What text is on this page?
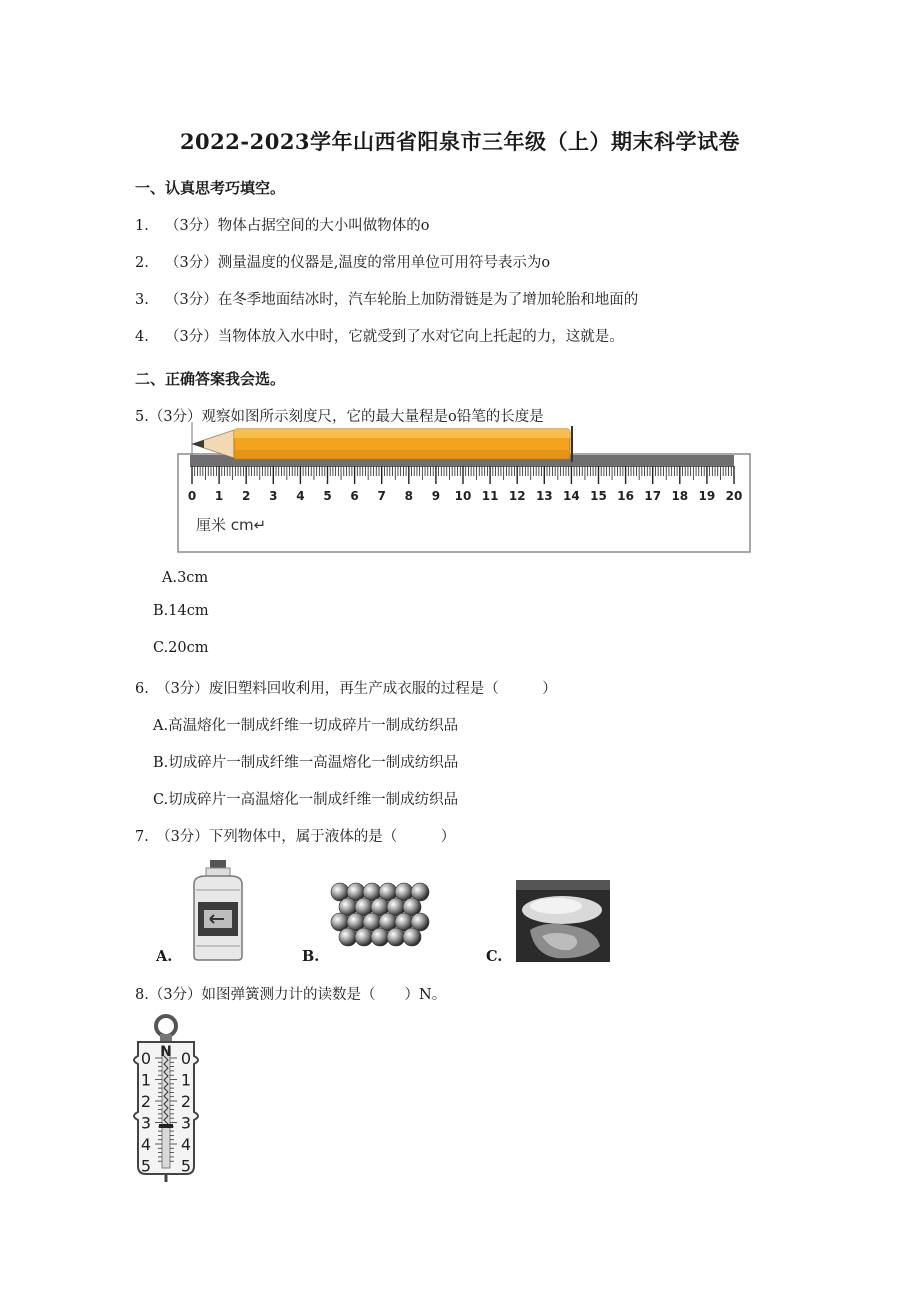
2022-2023学年山西省阳泉市三年级（上）期末科学试卷
一、认真思考巧填空。
1. （3分）物体占据空间的大小叫做物体的o
2. （3分）测量温度的仪器是,温度的常用单位可用符号表示为o
3. （3分）在冬季地面结冰时，汽车轮胎上加防滑链是为了增加轮胎和地面的
4. （3分）当物体放入水中时，它就受到了水对它向上托起的力，这就是。
二、正确答案我会选。
5.（3分）观察如图所示刻度尺，它的最大量程是o铅笔的长度是
0 1 2 3 4 5 6 7 8 9 10 11 12 13 14 15 16 17 18 19 20
厘米 cm↵
A.3cm
B.14cm
C.20cm
6.　（3分）废旧塑料回收利用，再生产成衣服的过程是（　　　）
A.高温熔化一制成纤维一切成碎片一制成纺织品
B.切成碎片一制成纤维一高温熔化一制成纺织品
C.切成碎片一高温熔化一制成纤维一制成纺织品
7.　（3分）下列物体中，属于液体的是（　　　）
A.	B.	C.
8.（3分）如图弹簧测力计的读数是（　　）N。
N
0
1
2
3
4
5
0
1
2
3
4
5
